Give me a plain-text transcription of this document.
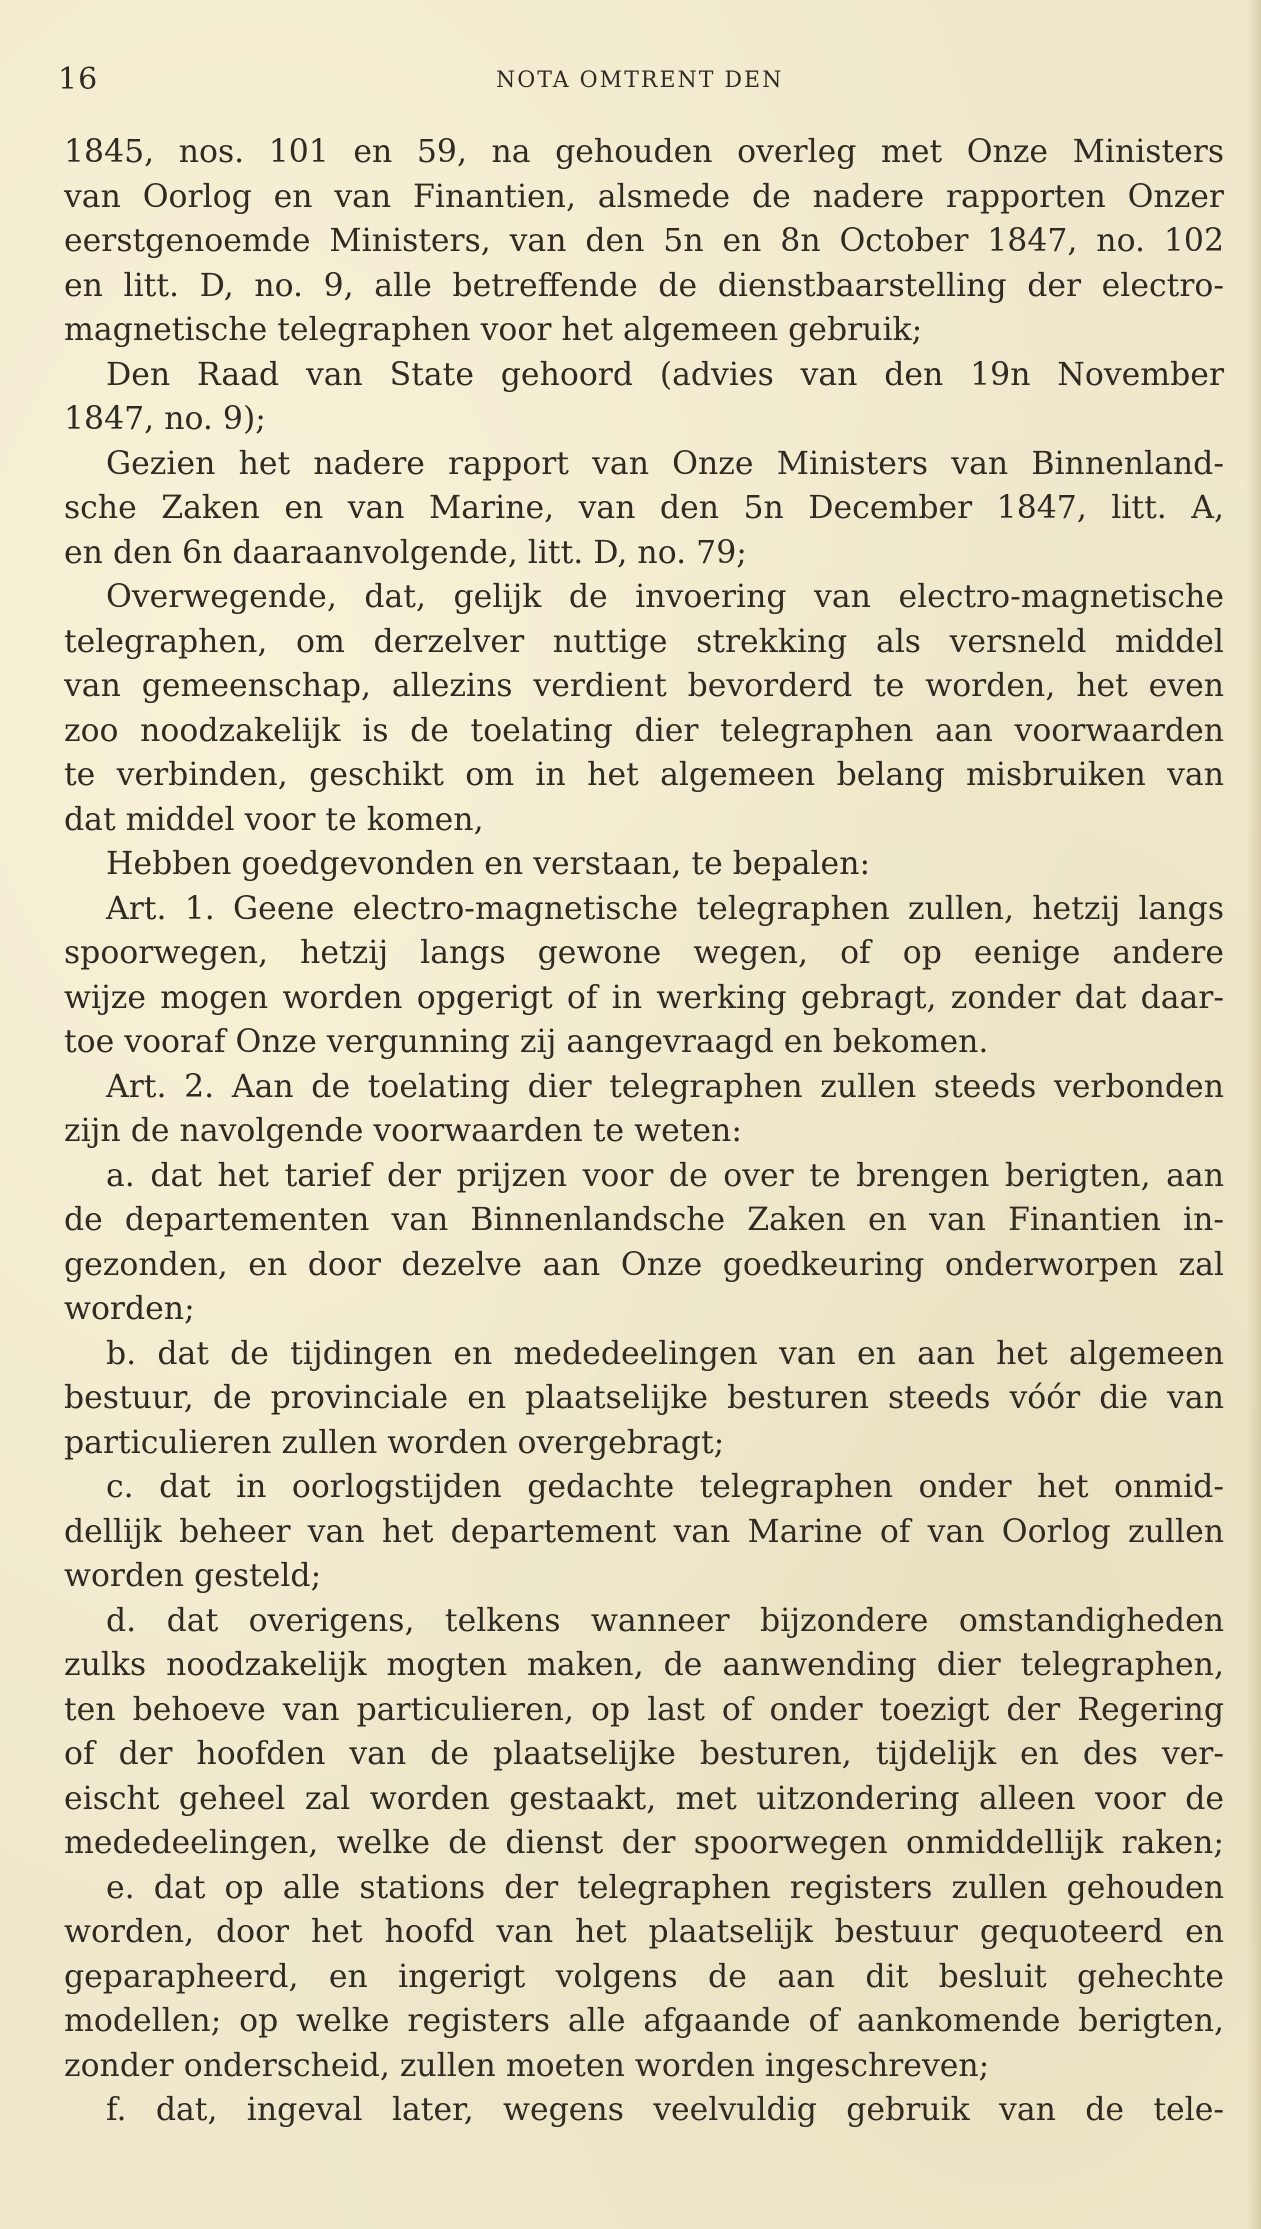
16	NOTA OMTRENT DEN
1845, nos. 101 en 59, na gehouden overleg met Onze Ministers
van Oorlog en van Finantien, alsmede de nadere rapporten Onzer
eerstgenoemde Ministers, van den 5n en 8n October 1847, no. 102
en litt. D, no. 9, alle betreffende de dienstbaarstelling der electro-
magnetische telegraphen voor het algemeen gebruik;
Den Raad van State gehoord (advies van den 19n November
1847, no. 9);
Gezien het nadere rapport van Onze Ministers van Binnenland-
sche Zaken en van Marine, van den 5n December 1847, litt. A,
en den 6n daaraanvolgende, litt. D, no. 79;
Overwegende, dat, gelijk de invoering van electro-magnetische
telegraphen, om derzelver nuttige strekking als versneld middel
van gemeenschap, allezins verdient bevorderd te worden, het even
zoo noodzakelijk is de toelating dier telegraphen aan voorwaarden
te verbinden, geschikt om in het algemeen belang misbruiken van
dat middel voor te komen,
Hebben goedgevonden en verstaan, te bepalen:
Art. 1. Geene electro-magnetische telegraphen zullen, hetzij langs
spoorwegen, hetzij langs gewone wegen, of op eenige andere
wijze mogen worden opgerigt of in werking gebragt, zonder dat daar-
toe vooraf Onze vergunning zij aangevraagd en bekomen.
Art. 2. Aan de toelating dier telegraphen zullen steeds verbonden
zijn de navolgende voorwaarden te weten:
a. dat het tarief der prijzen voor de over te brengen berigten, aan
de departementen van Binnenlandsche Zaken en van Finantien in-
gezonden, en door dezelve aan Onze goedkeuring onderworpen zal
worden;
b. dat de tijdingen en mededeelingen van en aan het algemeen
bestuur, de provinciale en plaatselijke besturen steeds vóór die van
particulieren zullen worden overgebragt;
c. dat in oorlogstijden gedachte telegraphen onder het onmid-
dellijk beheer van het departement van Marine of van Oorlog zullen
worden gesteld;
d. dat overigens, telkens wanneer bijzondere omstandigheden
zulks noodzakelijk mogten maken, de aanwending dier telegraphen,
ten behoeve van particulieren, op last of onder toezigt der Regering
of der hoofden van de plaatselijke besturen, tijdelijk en des ver-
eischt geheel zal worden gestaakt, met uitzondering alleen voor de
mededeelingen, welke de dienst der spoorwegen onmiddellijk raken;
e. dat op alle stations der telegraphen registers zullen gehouden
worden, door het hoofd van het plaatselijk bestuur gequoteerd en
geparapheerd, en ingerigt volgens de aan dit besluit gehechte
modellen; op welke registers alle afgaande of aankomende berigten,
zonder onderscheid, zullen moeten worden ingeschreven;
f. dat, ingeval later, wegens veelvuldig gebruik van de tele-
